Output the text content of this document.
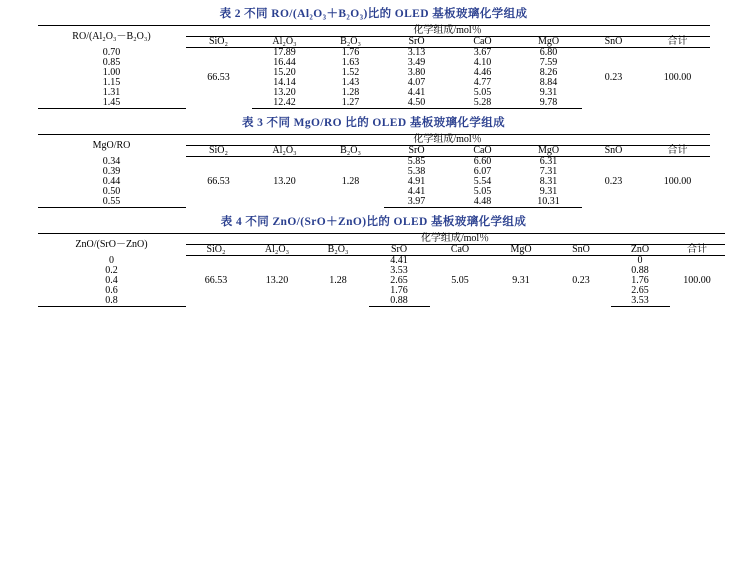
表 2 不同 RO/(Al₂O₃＋B₂O₃)比的 OLED 基板玻璃化学组成
RO/(Al₂O₃－B₂O₃)	化学组成/mol％							
	SiO₂	Al₂O₃	B₂O₃	SrO	CaO	MgO	SnO	合计
0.70	66.53	17.89	1.76	3.13	3.67	6.80	0.23	100.00
0.85		16.44	1.63	3.49	4.10	7.59		
1.00		15.20	1.52	3.80	4.46	8.26		
1.15		14.14	1.43	4.07	4.77	8.84		
1.31		13.20	1.28	4.41	5.05	9.31		
1.45		12.42	1.27	4.50	5.28	9.78		
表 3 不同 MgO/RO 比的 OLED 基板玻璃化学组成
MgO/RO	化学组成/mol％							
	SiO₂	Al₂O₃	B₂O₃	SrO	CaO	MgO	SnO	合计
0.34	66.53	13.20	1.28	5.85	6.60	6.31	0.23	100.00
0.39				5.38	6.07	7.31		
0.44				4.91	5.54	8.31		
0.50				4.41	5.05	9.31		
0.55				3.97	4.48	10.31		
表 4 不同 ZnO/(SrO＋ZnO)比的 OLED 基板玻璃化学组成
ZnO/(SrO－ZnO)	化学组成/mol％								
	SiO₂	Al₂O₃	B₂O₃	SrO	CaO	MgO	SnO	ZnO	合计
0	66.53	13.20	1.28	4.41	5.05	9.31	0.23	0	100.00
0.2				3.53				0.88	
0.4				2.65				1.76	
0.6				1.76				2.65	
0.8				0.88				3.53	
